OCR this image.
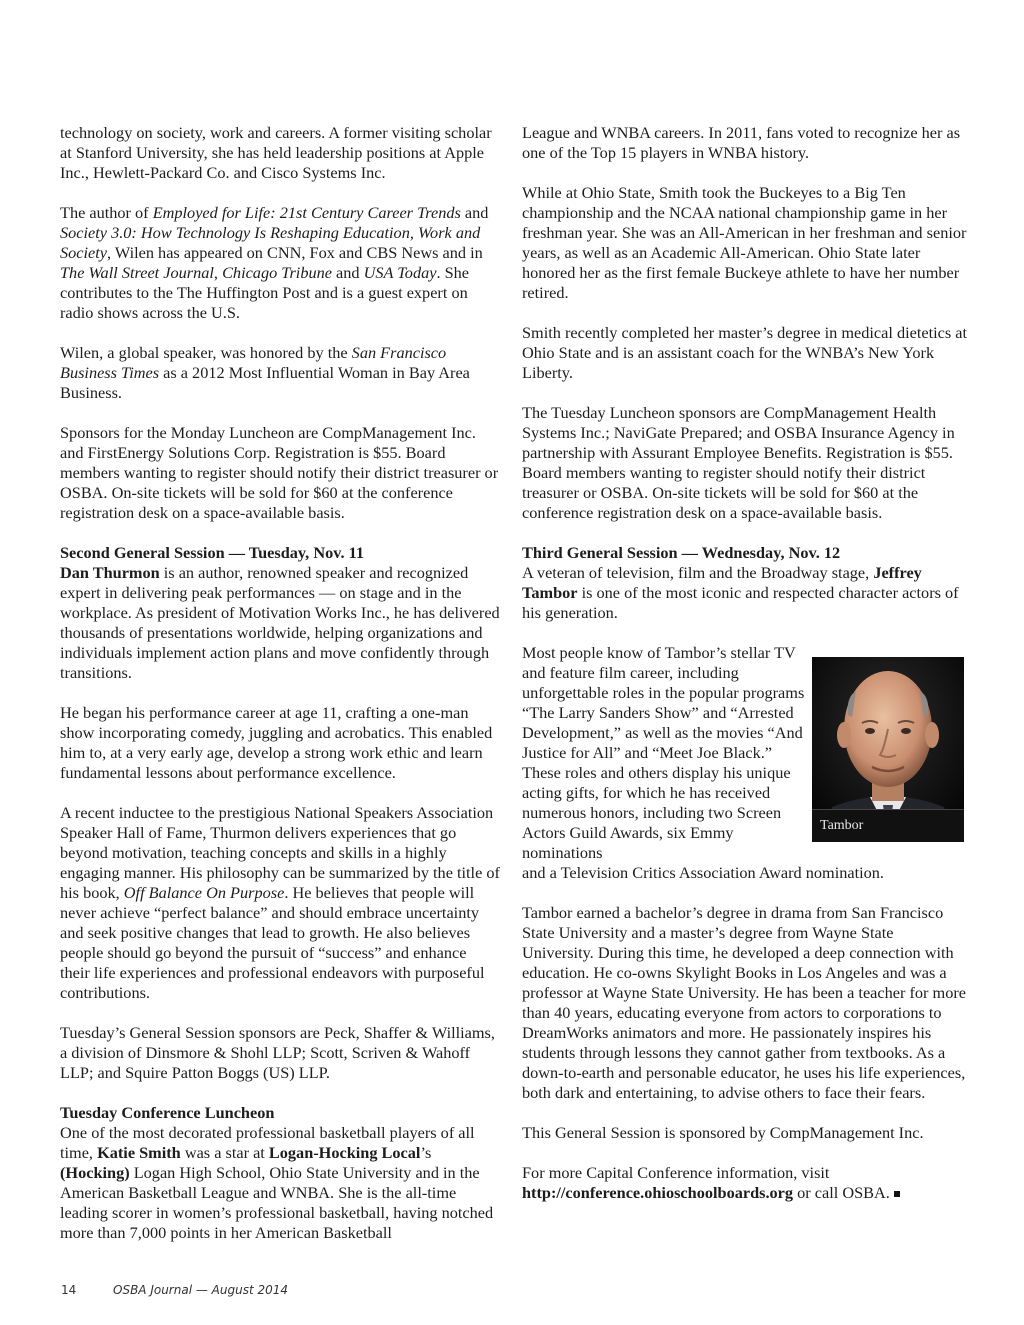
technology on society, work and careers. A former visiting scholar at Stanford University, she has held leadership positions at Apple Inc., Hewlett-Packard Co. and Cisco Systems Inc.

The author of Employed for Life: 21st Century Career Trends and Society 3.0: How Technology Is Reshaping Education, Work and Society, Wilen has appeared on CNN, Fox and CBS News and in The Wall Street Journal, Chicago Tribune and USA Today. She contributes to the The Huffington Post and is a guest expert on radio shows across the U.S.

Wilen, a global speaker, was honored by the San Francisco Business Times as a 2012 Most Influential Woman in Bay Area Business.

Sponsors for the Monday Luncheon are CompManagement Inc. and FirstEnergy Solutions Corp. Registration is $55. Board members wanting to register should notify their district treasurer or OSBA. On-site tickets will be sold for $60 at the conference registration desk on a space-available basis.

Second General Session — Tuesday, Nov. 11

Dan Thurmon is an author, renowned speaker and recognized expert in delivering peak performances — on stage and in the workplace. As president of Motivation Works Inc., he has delivered thousands of presentations worldwide, helping organizations and individuals implement action plans and move confidently through transitions.

He began his performance career at age 11, crafting a one-man show incorporating comedy, juggling and acrobatics. This enabled him to, at a very early age, develop a strong work ethic and learn fundamental lessons about performance excellence.

A recent inductee to the prestigious National Speakers Association Speaker Hall of Fame, Thurmon delivers experiences that go beyond motivation, teaching concepts and skills in a highly engaging manner. His philosophy can be summarized by the title of his book, Off Balance On Purpose. He believes that people will never achieve “perfect balance” and should embrace uncertainty and seek positive changes that lead to growth. He also believes people should go beyond the pursuit of “success” and enhance their life experiences and professional endeavors with purposeful contributions.

Tuesday’s General Session sponsors are Peck, Shaffer & Williams, a division of Dinsmore & Shohl LLP; Scott, Scriven & Wahoff LLP; and Squire Patton Boggs (US) LLP.

Tuesday Conference Luncheon

One of the most decorated professional basketball players of all time, Katie Smith was a star at Logan-Hocking Local’s (Hocking) Logan High School, Ohio State University and in the American Basketball League and WNBA. She is the all-time leading scorer in women’s professional basketball, having notched more than 7,000 points in her American Basketball

League and WNBA careers. In 2011, fans voted to recognize her as one of the Top 15 players in WNBA history.

While at Ohio State, Smith took the Buckeyes to a Big Ten championship and the NCAA national championship game in her freshman year. She was an All-American in her freshman and senior years, as well as an Academic All-American. Ohio State later honored her as the first female Buckeye athlete to have her number retired.

Smith recently completed her master’s degree in medical dietetics at Ohio State and is an assistant coach for the WNBA’s New York Liberty.

The Tuesday Luncheon sponsors are CompManagement Health Systems Inc.; NaviGate Prepared; and OSBA Insurance Agency in partnership with Assurant Employee Benefits. Registration is $55. Board members wanting to register should notify their district treasurer or OSBA. On-site tickets will be sold for $60 at the conference registration desk on a space-available basis.

Third General Session — Wednesday, Nov. 12

A veteran of television, film and the Broadway stage, Jeffrey Tambor is one of the most iconic and respected character actors of his generation.

Most people know of Tambor’s stellar TV and feature film career, including unforgettable roles in the popular programs “The Larry Sanders Show” and “Arrested Development,” as well as the movies “And Justice for All” and “Meet Joe Black.” These roles and others display his unique acting gifts, for which he has received numerous honors, including two Screen Actors Guild Awards, six Emmy nominations
and a Television Critics Association Award nomination.

Tambor earned a bachelor’s degree in drama from San Francisco State University and a master’s degree from Wayne State University. During this time, he developed a deep connection with education. He co-owns Skylight Books in Los Angeles and was a professor at Wayne State University. He has been a teacher for more than 40 years, educating everyone from actors to corporations to DreamWorks animators and more. He passionately inspires his students through lessons they cannot gather from textbooks. As a down-to-earth and personable educator, he uses his life experiences, both dark and entertaining, to advise others to face their fears.

This General Session is sponsored by CompManagement Inc.

For more Capital Conference information, visit http://conference.ohioschoolboards.org or call OSBA.

Tambor
14	OSBA Journal — August 2014
